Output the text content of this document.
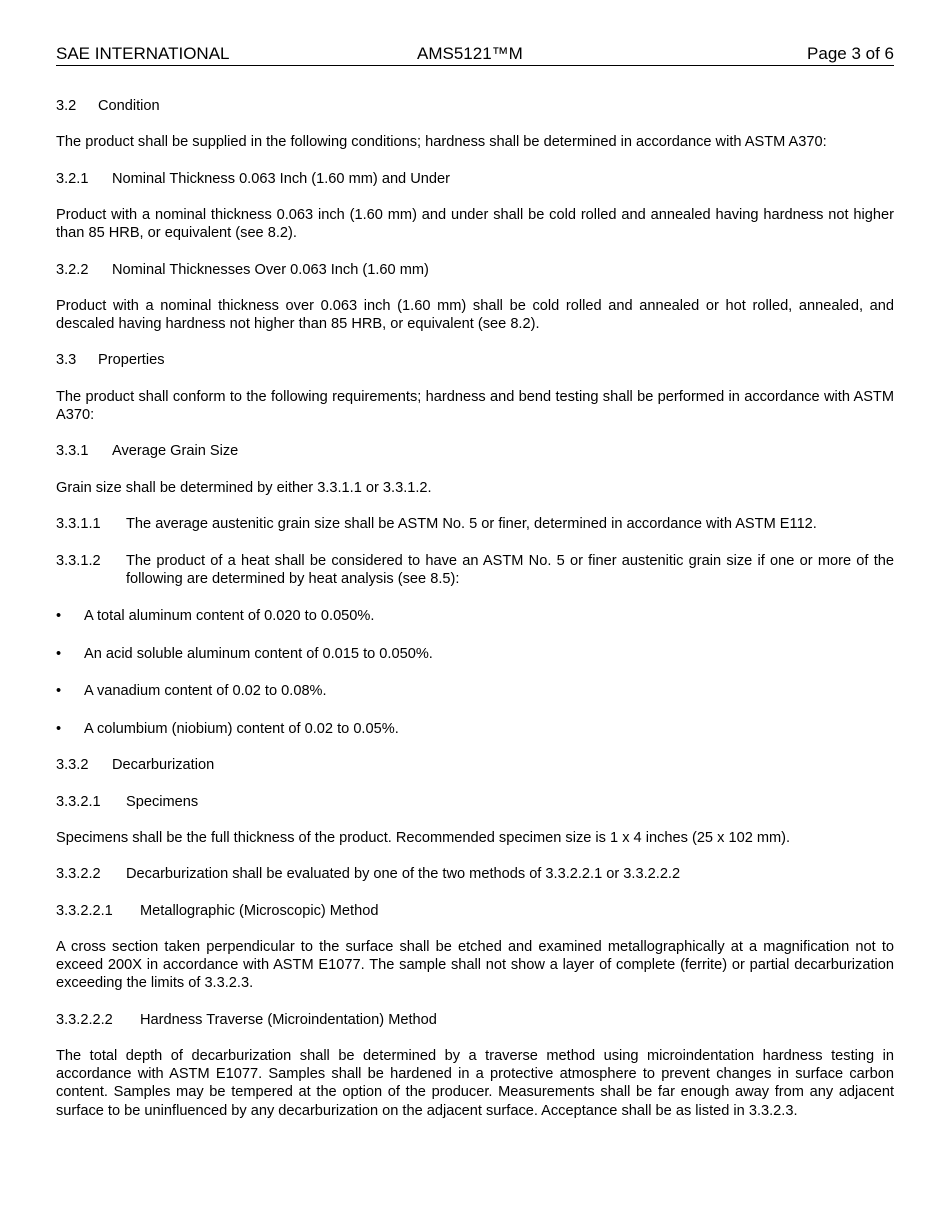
SAE INTERNATIONAL	AMS5121™M	Page 3 of 6
3.2 Condition
The product shall be supplied in the following conditions; hardness shall be determined in accordance with ASTM A370:
3.2.1 Nominal Thickness 0.063 Inch (1.60 mm) and Under
Product with a nominal thickness 0.063 inch (1.60 mm) and under shall be cold rolled and annealed having hardness not higher than 85 HRB, or equivalent (see 8.2).
3.2.2 Nominal Thicknesses Over 0.063 Inch (1.60 mm)
Product with a nominal thickness over 0.063 inch (1.60 mm) shall be cold rolled and annealed or hot rolled, annealed, and descaled having hardness not higher than 85 HRB, or equivalent (see 8.2).
3.3 Properties
The product shall conform to the following requirements; hardness and bend testing shall be performed in accordance with ASTM A370:
3.3.1 Average Grain Size
Grain size shall be determined by either 3.3.1.1 or 3.3.1.2.
3.3.1.1 The average austenitic grain size shall be ASTM No. 5 or finer, determined in accordance with ASTM E112.
3.3.1.2 The product of a heat shall be considered to have an ASTM No. 5 or finer austenitic grain size if one or more of the following are determined by heat analysis (see 8.5):
• A total aluminum content of 0.020 to 0.050%.
• An acid soluble aluminum content of 0.015 to 0.050%.
• A vanadium content of 0.02 to 0.08%.
• A columbium (niobium) content of 0.02 to 0.05%.
3.3.2 Decarburization
3.3.2.1 Specimens
Specimens shall be the full thickness of the product. Recommended specimen size is 1 x 4 inches (25 x 102 mm).
3.3.2.2 Decarburization shall be evaluated by one of the two methods of 3.3.2.2.1 or 3.3.2.2.2
3.3.2.2.1 Metallographic (Microscopic) Method
A cross section taken perpendicular to the surface shall be etched and examined metallographically at a magnification not to exceed 200X in accordance with ASTM E1077. The sample shall not show a layer of complete (ferrite) or partial decarburization exceeding the limits of 3.3.2.3.
3.3.2.2.2 Hardness Traverse (Microindentation) Method
The total depth of decarburization shall be determined by a traverse method using microindentation hardness testing in accordance with ASTM E1077. Samples shall be hardened in a protective atmosphere to prevent changes in surface carbon content. Samples may be tempered at the option of the producer. Measurements shall be far enough away from any adjacent surface to be uninfluenced by any decarburization on the adjacent surface. Acceptance shall be as listed in 3.3.2.3.
